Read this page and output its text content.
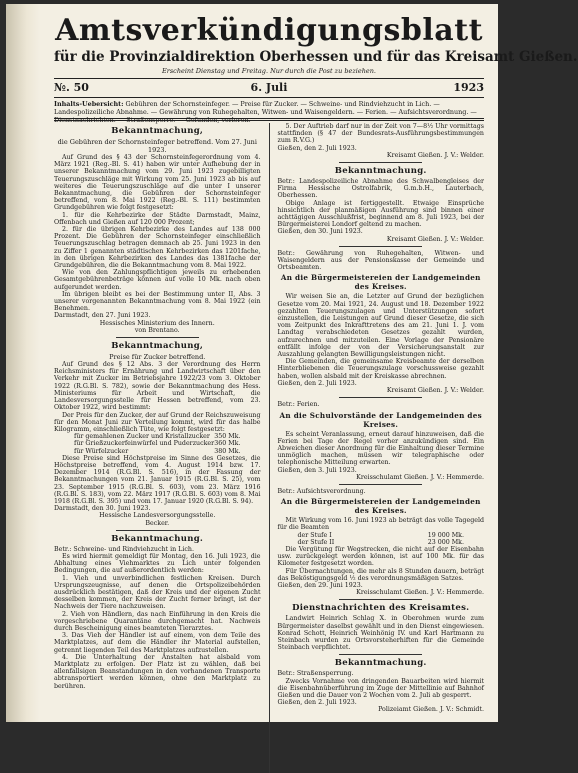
Amtsverkündigungsblatt
für die Provinzialdirektion Oberhessen und für das Kreisamt Gießen.
Erscheint Dienstag und Freitag. Nur durch die Post zu beziehen.
№. 50	6. Juli	1923
Inhalts-Uebersicht: Gebühren der Schornsteinfeger. — Preise für Zucker. — Schweine- und Rindviehzucht in Lich. — Landespolizeiliche Abnahme. — Gewährung von Ruhegehalten, Witwen- und Waisengeldern. — Ferien. — Aufsichtsverordnung. — Dienstnachrichten. — Straßensperre. — Gefunden, verloren.
Bekanntmachung,
die Gebühren der Schornsteinfeger betreffend. Vom 27. Juni 1923.

Auf Grund des § 43 der Schornsteinfegerordnung vom 4. März 1921 (Reg.-Bl. S. 41) haben wir unter Aufhebung der in unserer Bekanntmachung vom 29. Juni 1923 zugebilligten Teuerungszuschläge mit Wirkung vom 25. Juni 1923 ab bis auf weiteres die Teuerungszuschläge auf die unter I unserer Bekanntmachung, die Gebühren der Schornsteinfeger betreffend, vom 8. Mai 1922 (Reg.-Bl. S. 111) bestimmten Grundgebühren wie folgt festgesetzt:

1. für die Kehrbezirke der Städte Darmstadt, Mainz, Offenbach und Gießen auf 120 000 Prozent;

2. für die übrigen Kehrbezirke des Landes auf 138 000 Prozent. Die Gebühren der Schornsteinfeger einschließlich Teuerungszuschlag betragen demnach ab 25. Juni 1923 in den zu Ziffer 1 genannten städtischen Kehrbezirken das 1201fache, in den übrigen Kehrbezirken des Landes das 1381fache der Grundgebühren, die die Bekanntmachung vom 8. Mai 1922.

Wie von den Zahlungspflichtigen jeweils zu erhebenden Gesamtgebührenbeträge können auf volle 10 Mk. nach oben aufgerundet werden.

Im übrigen bleibt es bei der Bestimmung unter II, Abs. 3 unserer vorgenannten Bekanntmachung vom 8. Mai 1922 (ein Benehmen.

Darmstadt, den 27. Juni 1923.
Hessisches Ministerium des Innern.
von Brentano.
Bekanntmachung,
Preise für Zucker betreffend.

Auf Grund des § 12 Abs. 3 der Verordnung des Herrn Reichsministers für Ernährung und Landwirtschaft über den Verkehr mit Zucker im Betriebsjahre 1922/23 vom 3. Oktober 1922 (R.G.Bl. S. 782), sowie der Bekanntmachung des Hess. Ministeriums für Arbeit und Wirtschaft, die Landesversorgungsstelle für Hessen betreffend, vom 23. Oktober 1922, wird bestimmt:

Der Preis für den Zucker, der auf Grund der Reichszuweisung für den Monat Juni zur Verteilung kommt, wird für das halbe Kilogramm, einschließlich Tüte, wie folgt festgesetzt:

für gemahlenen Zucker und Kristallzucker 350 Mk.
für Grießzuckerfeinwürfel und Puderzucker 360 Mk.
für Würfelzucker	380 Mk.

Diese Preise sind Höchstpreise im Sinne des Gesetzes, die Höchstpreise betreffend, vom 4. August 1914 bzw. 17. Dezember 1914 (R.G.Bl. S. 516), in der Fassung der Bekanntmachungen vom 21. Januar 1915 (R.G.Bl. S. 25), vom 23. September 1915 (R.G.Bl. S. 603), vom 23. März 1916 (R.G.Bl. S. 183), vom 22. März 1917 (R.G.Bl. S. 603) vom 8. Mai 1918 (R.G.Bl. S. 395) und vom 17. Januar 1920 (R.G.Bl. S. 94).

Darmstadt, den 30. Juni 1923.
Hessische Landesversorgungsstelle.
Becker.
Bekanntmachung.

Betr.: Schweine- und Rindviehzucht in Lich.

Es wird hiermit gemeldigt für Montag, den 16. Juli 1923, die Abhaltung eines Viehmarktes zu Lich unter folgenden Bedingungen, die auf außerordentlich werden:

1. Vieh und unverbindlichen festlichen Kreisen. Durch Ursprungszeugnisse, auf denen die Ortspolizeibehörden ausdrücklich bestätigen, daß der Kreis und der eigenen Zucht desselben kommen, der Kreis der Zucht ferner bringt, ist der Nachweis der Tiere nachzuweisen.

2. Vieh von Händlern, das nach Einführung in den Kreis die vorgeschriebene Quarantäne durchgemacht hat. Nachweis durch Bescheinigung eines beamteten Tierarztes.

3. Das Vieh der Händler ist auf einem, von dem Teile des Marktplatzes, auf dem die Händler ihr Material aufstellen, getrennt liegenden Teil des Marktplatzes aufzustellen.

4. Die Unterhaltung der Anstalten hat alsbald vom Marktplatz zu erfolgen. Der Platz ist zu wählen, daß bei allenfallsigen Beanstandungen in den vorhandenen Transporte abtransportiert werden können, ohne den Marktplatz zu berühren.

5. Der Auftrieb darf nur in der Zeit von 7—8½ Uhr vormittags stattfinden (§ 47 der Bundesrats-Ausführungsbestimmungen zum R.V.G.)

Gießen, den 2. Juli 1923.
Kreisamt Gießen. J. V.: Welder.
Bekanntmachung.

Betr.: Landespolizeiliche Abnahme des Schwalbengleises der Firma Hessische Ostrolfabrik, G.m.b.H., Lauterbach, Oberhessen.

Obige Anlage ist fertiggestellt. Etwaige Einsprüche hinsichtlich der planmäßigen Ausführung sind binnen einer achttägigen Ausschlußfrist, beginnend am 8. Juli 1923, bei der Bürgermeisterei Londorf geltend zu machen.

Gießen, den 30. Juni 1923.
Kreisamt Gießen. J. V.: Welder.

Betr.: Gewährung von Ruhegehalten, Witwen- und Waisengeldern aus der Pensionskasse der Gemeinde und Ortsbeamten.

An die Bürgermeistereien der Landgemeinden des Kreises.

Wir weisen Sie an, die Letzter auf Grund der bezüglichen Gesetze vom 20. Mai 1921, 24. August und 18. Dezember 1922 gezahlten Teuerungszulagen und Unterstützungen sofort einzustellen, die Leistungen auf Grund dieser Gesetze, die sich vom Zeitpunkt des Inkrafttretens des am 21. Juni 1. J. vom Landtag verabschiedeten Gesetzes gezahlt wurden, aufzurechnen und mitzuteilen. Eine Vorlage der Pensionäre entfällt infolge der von der Versicherungsanstalt zur Auszahlung gelangten Bewilligungsleistungen nicht.

Die Gemeinden, die gemeinsame Kreisbeamte der derselben Hinterbliebenen die Teuerungszulage vorschussweise gezahlt haben, wollen alsbald mit der Kreiskasse abrechnen.

Gießen, den 2. Juli 1923.
Kreisamt Gießen. J. V.: Welder.

Betr.: Ferien.

An die Schulvorstände der Landgemeinden des Kreises.

Es scheint Veranlassung, erneut darauf hinzuweisen, daß die Ferien bei Tage der Regel vorher anzukündigen sind. Ein Abweichen dieser Anordnung für die Einhaltung dieser Termine unmöglich machen, müssen wir telegraphische oder telephonische Mitteilung erwarten.

Gießen, den 3. Juli 1923.
Kreisschulamt Gießen. J. V.: Hemmerde.

Betr.: Aufsichtsverordnung.

An die Bürgermeistereien der Landgemeinden des Kreises.

Mit Wirkung vom 16. Juni 1923 ab beträgt das volle Tagegeld für die Beamten

der Stufe I	19 000 Mk.
der Stufe II	23 000 Mk.

Die Vergütung für Wegstrecken, die nicht auf der Eisenbahn usw. zurückgelegt werden können, ist auf 100 Mk. für das Kilometer festgesetzt worden.

Für Übernachtungen, die mehr als 8 Stunden dauern, beträgt das Beköstigungsgeld ½ des verordnungsmäßigen Satzes.

Gießen, den 29. Juni 1923.
Kreisschulamt Gießen. J. V.: Hemmerde.
Dienstnachrichten des Kreisamtes.

Landwirt Heinrich Schlag X. in Oberohmen wurde zum Bürgermeister daselbst gewählt und in den Dienst eingewiesen. Konrad Schott, Heinrich Weinhönig IV. und Karl Hartmann zu Steinbach wurden zu Ortsvorsteherhiften für die Gemeinde Steinbach verpflichtet.

Bekanntmachung.

Betr.: Straßensperrung.

Zwecks Vornahme von dringenden Bauarbeiten wird hiermit die Eisenbahnüberführung im Zuge der Mittellinie auf Bahnhof Gießen und die Dauer von 2 Wochen vom 2. Juli ab gesperrt.

Gießen, den 2. Juli 1923.
Polizeiamt Gießen. J. V.: Schmidt.
